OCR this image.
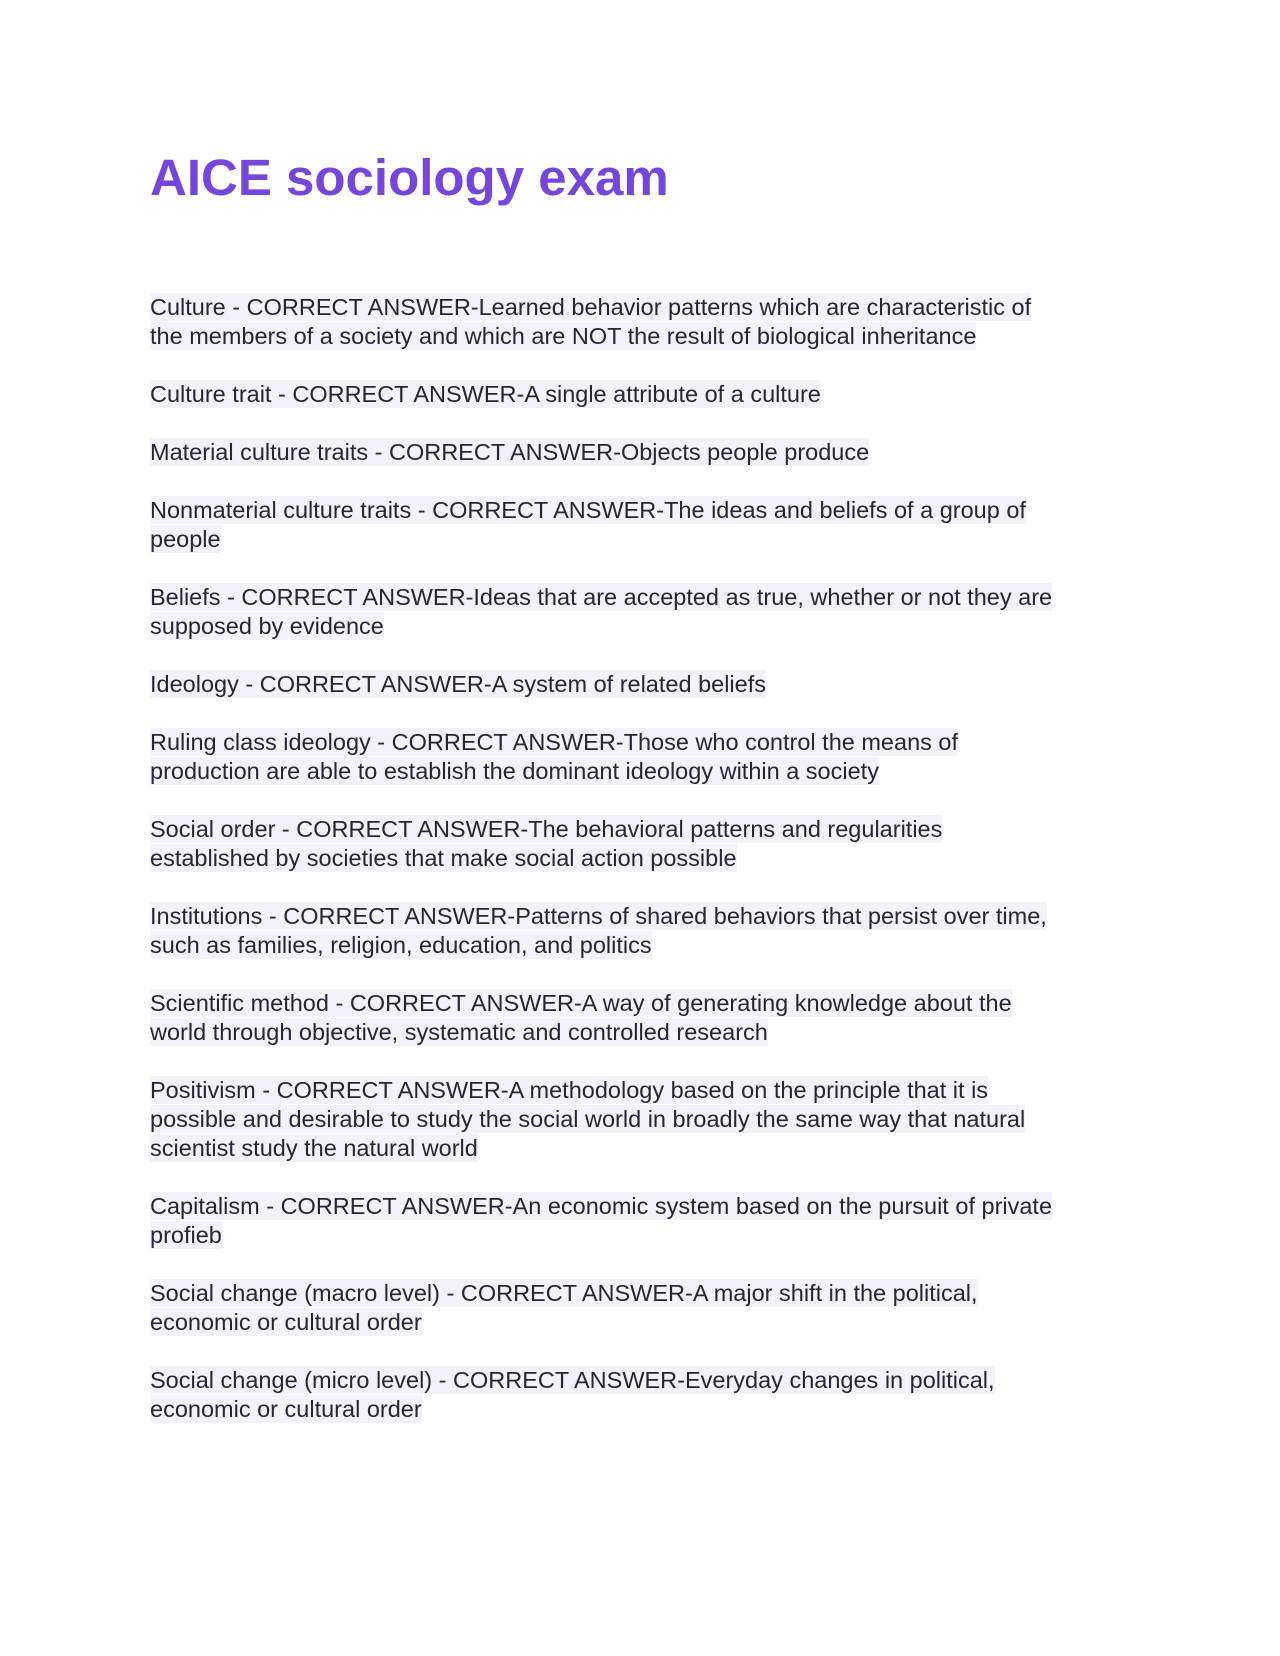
AICE sociology exam

Culture - CORRECT ANSWER-Learned behavior patterns which are characteristic of
the members of a society and which are NOT the result of biological inheritance

Culture trait - CORRECT ANSWER-A single attribute of a culture

Material culture traits - CORRECT ANSWER-Objects people produce

Nonmaterial culture traits - CORRECT ANSWER-The ideas and beliefs of a group of
people

Beliefs - CORRECT ANSWER-Ideas that are accepted as true, whether or not they are
supposed by evidence

Ideology - CORRECT ANSWER-A system of related beliefs

Ruling class ideology - CORRECT ANSWER-Those who control the means of
production are able to establish the dominant ideology within a society

Social order - CORRECT ANSWER-The behavioral patterns and regularities
established by societies that make social action possible

Institutions - CORRECT ANSWER-Patterns of shared behaviors that persist over time,
such as families, religion, education, and politics

Scientific method - CORRECT ANSWER-A way of generating knowledge about the
world through objective, systematic and controlled research

Positivism - CORRECT ANSWER-A methodology based on the principle that it is
possible and desirable to study the social world in broadly the same way that natural
scientist study the natural world

Capitalism - CORRECT ANSWER-An economic system based on the pursuit of private
profieb

Social change (macro level) - CORRECT ANSWER-A major shift in the political,
economic or cultural order

Social change (micro level) - CORRECT ANSWER-Everyday changes in political,
economic or cultural order
